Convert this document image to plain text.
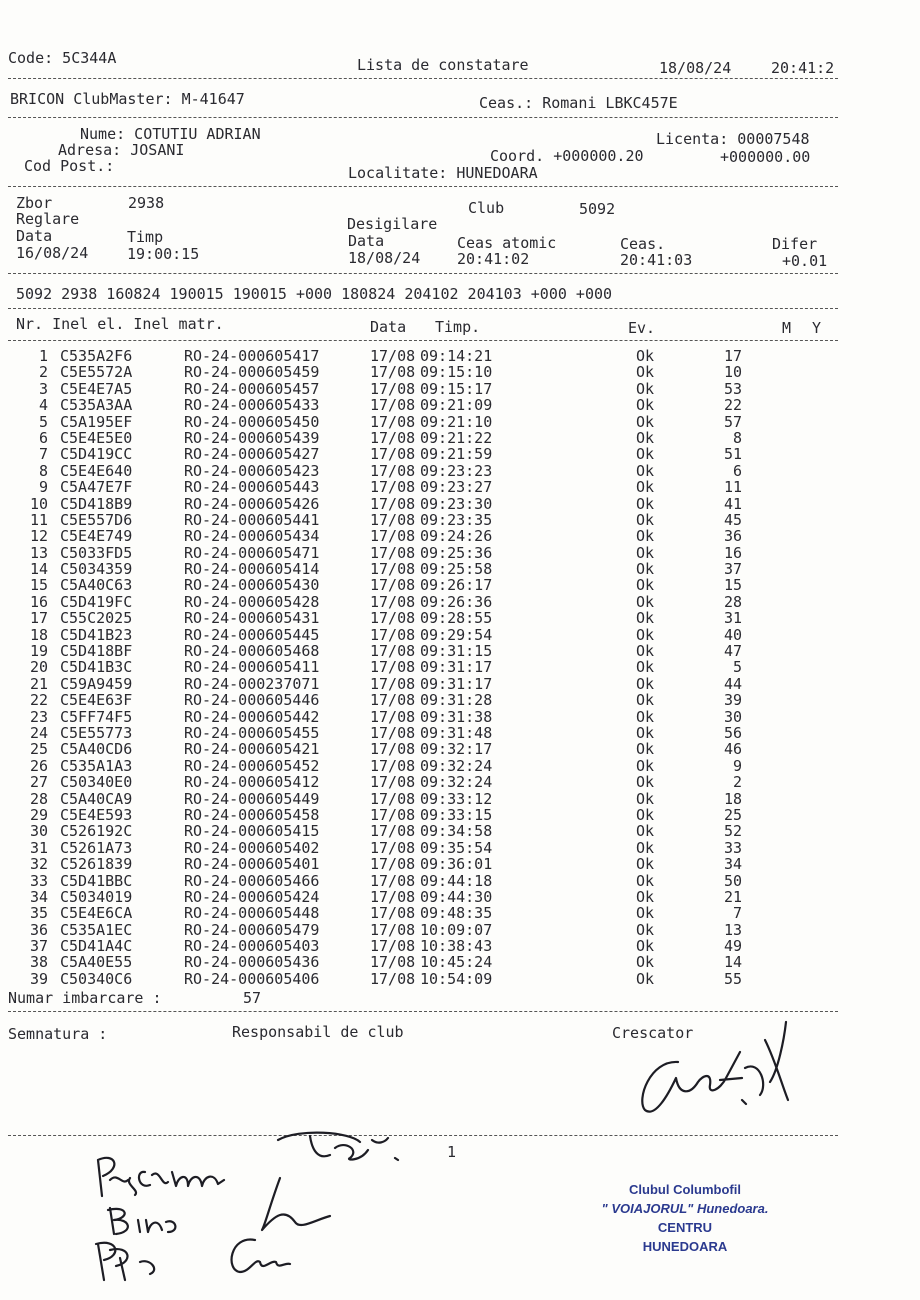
Code: 5C344A	Lista de constatare	18/08/24	20:41:2
BRICON ClubMaster: M-41647	Ceas.: Romani LBKC457E
Nume: COTUTIU ADRIAN
Adresa: JOSANI
Cod Post.:
Licenta: 00007548
Coord. +000000.20	+000000.00
Localitate: HUNEDOARA
Zbor	2938	Club	5092
Reglare	Desigilare
Data	Timp	Data	Ceas atomic	Ceas.	Difer
16/08/24	19:00:15	18/08/24 20:41:02	20:41:03	+0.01
5092 2938 160824 190015 190015 +000 180824 204102 204103 +000 +000
Nr. Inel el. Inel matr.	Data Timp.	Ev.	M Y
1 C535A2F6	RO-24-000605417	17/08 09:14:21	Ok	17
2 C5E5572A	RO-24-000605459	17/08 09:15:10	Ok	10
3 C5E4E7A5	RO-24-000605457	17/08 09:15:17	Ok	53
4 C535A3AA	RO-24-000605433	17/08 09:21:09	Ok	22
5 C5A195EF	RO-24-000605450	17/08 09:21:10	Ok	57
6 C5E4E5E0	RO-24-000605439	17/08 09:21:22	Ok	8
7 C5D419CC	RO-24-000605427	17/08 09:21:59	Ok	51
8 C5E4E640	RO-24-000605423	17/08 09:23:23	Ok	6
9 C5A47E7F	RO-24-000605443	17/08 09:23:27	Ok	11
10 C5D418B9	RO-24-000605426	17/08 09:23:30	Ok	41
11 C5E557D6	RO-24-000605441	17/08 09:23:35	Ok	45
12 C5E4E749	RO-24-000605434	17/08 09:24:26	Ok	36
13 C5033FD5	RO-24-000605471	17/08 09:25:36	Ok	16
14 C5034359	RO-24-000605414	17/08 09:25:58	Ok	37
15 C5A40C63	RO-24-000605430	17/08 09:26:17	Ok	15
16 C5D419FC	RO-24-000605428	17/08 09:26:36	Ok	28
17 C55C2025	RO-24-000605431	17/08 09:28:55	Ok	31
18 C5D41B23	RO-24-000605445	17/08 09:29:54	Ok	40
19 C5D418BF	RO-24-000605468	17/08 09:31:15	Ok	47
20 C5D41B3C	RO-24-000605411	17/08 09:31:17	Ok	5
21 C59A9459	RO-24-000237071	17/08 09:31:17	Ok	44
22 C5E4E63F	RO-24-000605446	17/08 09:31:28	Ok	39
23 C5FF74F5	RO-24-000605442	17/08 09:31:38	Ok	30
24 C5E55773	RO-24-000605455	17/08 09:31:48	Ok	56
25 C5A40CD6	RO-24-000605421	17/08 09:32:17	Ok	46
26 C535A1A3	RO-24-000605452	17/08 09:32:24	Ok	9
27 C50340E0	RO-24-000605412	17/08 09:32:24	Ok	2
28 C5A40CA9	RO-24-000605449	17/08 09:33:12	Ok	18
29 C5E4E593	RO-24-000605458	17/08 09:33:15	Ok	25
30 C526192C	RO-24-000605415	17/08 09:34:58	Ok	52
31 C5261A73	RO-24-000605402	17/08 09:35:54	Ok	33
32 C5261839	RO-24-000605401	17/08 09:36:01	Ok	34
33 C5D41BBC	RO-24-000605466	17/08 09:44:18	Ok	50
34 C5034019	RO-24-000605424	17/08 09:44:30	Ok	21
35 C5E4E6CA	RO-24-000605448	17/08 09:48:35	Ok	7
36 C535A1EC	RO-24-000605479	17/08 10:09:07	Ok	13
37 C5D41A4C	RO-24-000605403	17/08 10:38:43	Ok	49
38 C5A40E55	RO-24-000605436	17/08 10:45:24	Ok	14
39 C50340C6	RO-24-000605406	17/08 10:54:09	Ok	55
Numar imbarcare :	57
Semnatura :	Responsabil de club	Crescator
1
Clubul Columbofil
" VOIAJORUL" Hunedoara.
CENTRU
HUNEDOARA
